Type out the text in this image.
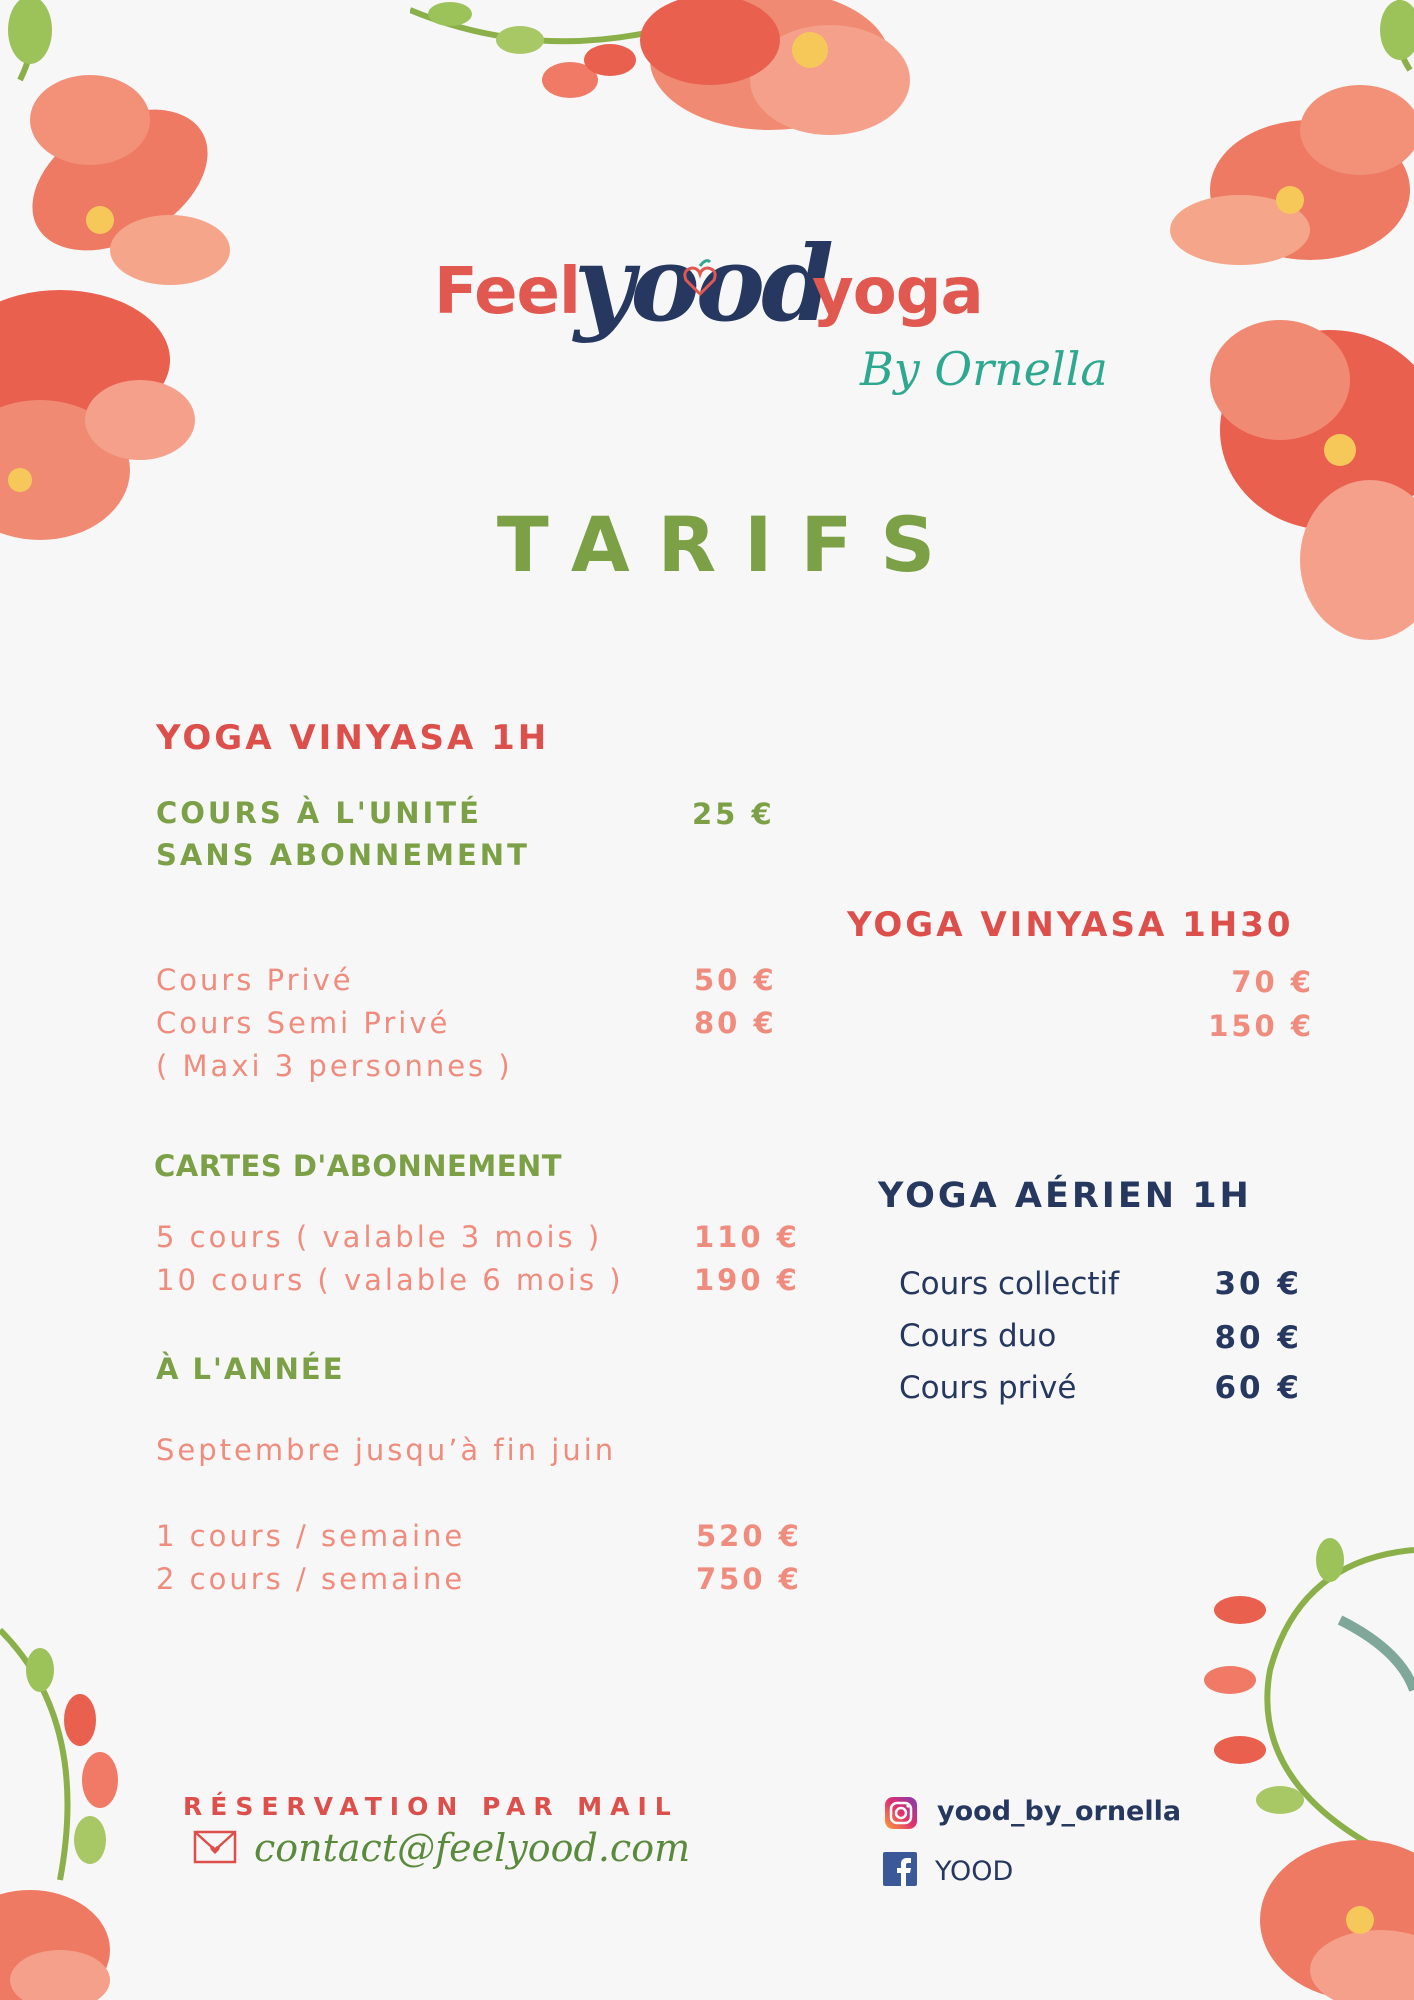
Feel
yood
yoga
By Ornella
TARIFS
YOGA VINYASA 1H
COURS À L'UNITÉ
SANS ABONNEMENT
25 €
Cours Privé	50 €
Cours Semi Privé	80 €
( Maxi 3 personnes )
CARTES D'ABONNEMENT
5 cours ( valable 3 mois )	110 €
10 cours ( valable 6 mois ) 190 €
À L'ANNÉE
Septembre jusqu’à fin juin
1 cours / semaine	520 €
2 cours / semaine	750 €
YOGA VINYASA 1H30
70 €
150 €
YOGA AÉRIEN 1H
Cours collectif	30 €
Cours duo	80 €
Cours privé	60 €
RÉSERVATION PAR MAIL
contact@feelyood.com
yood_by_ornella
YOOD
